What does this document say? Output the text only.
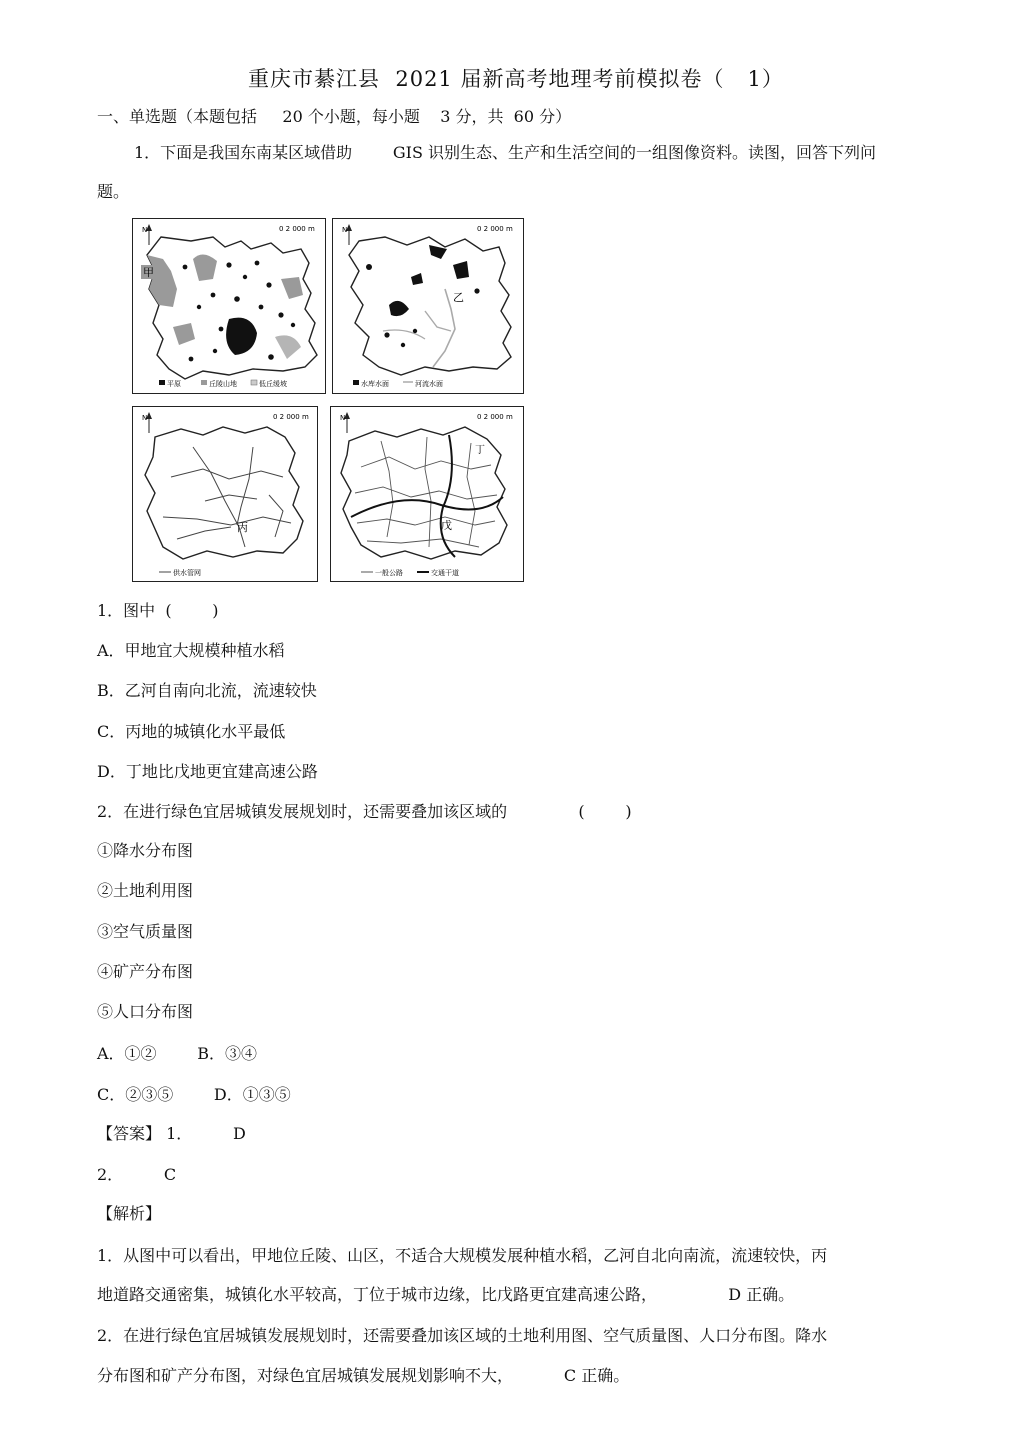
重庆市綦江县  2021 届新高考地理考前模拟卷（   1）
一、单选题（本题包括     20 个小题，每小题    3 分，共  60 分）
1．下面是我国东南某区域借助        GIS 识别生态、生产和生活空间的一组图像资料。读图，回答下列问
题。
N	0 2 000 m
甲
平原	丘陵山地	低丘缓坡
N	0 2 000 m
乙
水库水面	河流水面
N	0 2 000 m
丙
供水管网
N	0 2 000 m
丁
戊
一般公路	交通干道
1．图中  (        )
A．甲地宜大规模种植水稻
B．乙河自南向北流，流速较快
C．丙地的城镇化水平最低
D．丁地比戊地更宜建高速公路
2．在进行绿色宜居城镇发展规划时，还需要叠加该区域的              (        )
①降水分布图
②土地利用图
③空气质量图
④矿产分布图
⑤人口分布图
A．①②        B．③④
C．②③⑤        D．①③⑤
【答案】 1．        D
2．        C
【解析】
1．从图中可以看出，甲地位丘陵、山区，不适合大规模发展种植水稻，乙河自北向南流，流速较快，丙
地道路交通密集，城镇化水平较高，丁位于城市边缘，比戊路更宜建高速公路，              D 正确。
2．在进行绿色宜居城镇发展规划时，还需要叠加该区域的土地利用图、空气质量图、人口分布图。降水
分布图和矿产分布图，对绿色宜居城镇发展规划影响不大，          C 正确。
